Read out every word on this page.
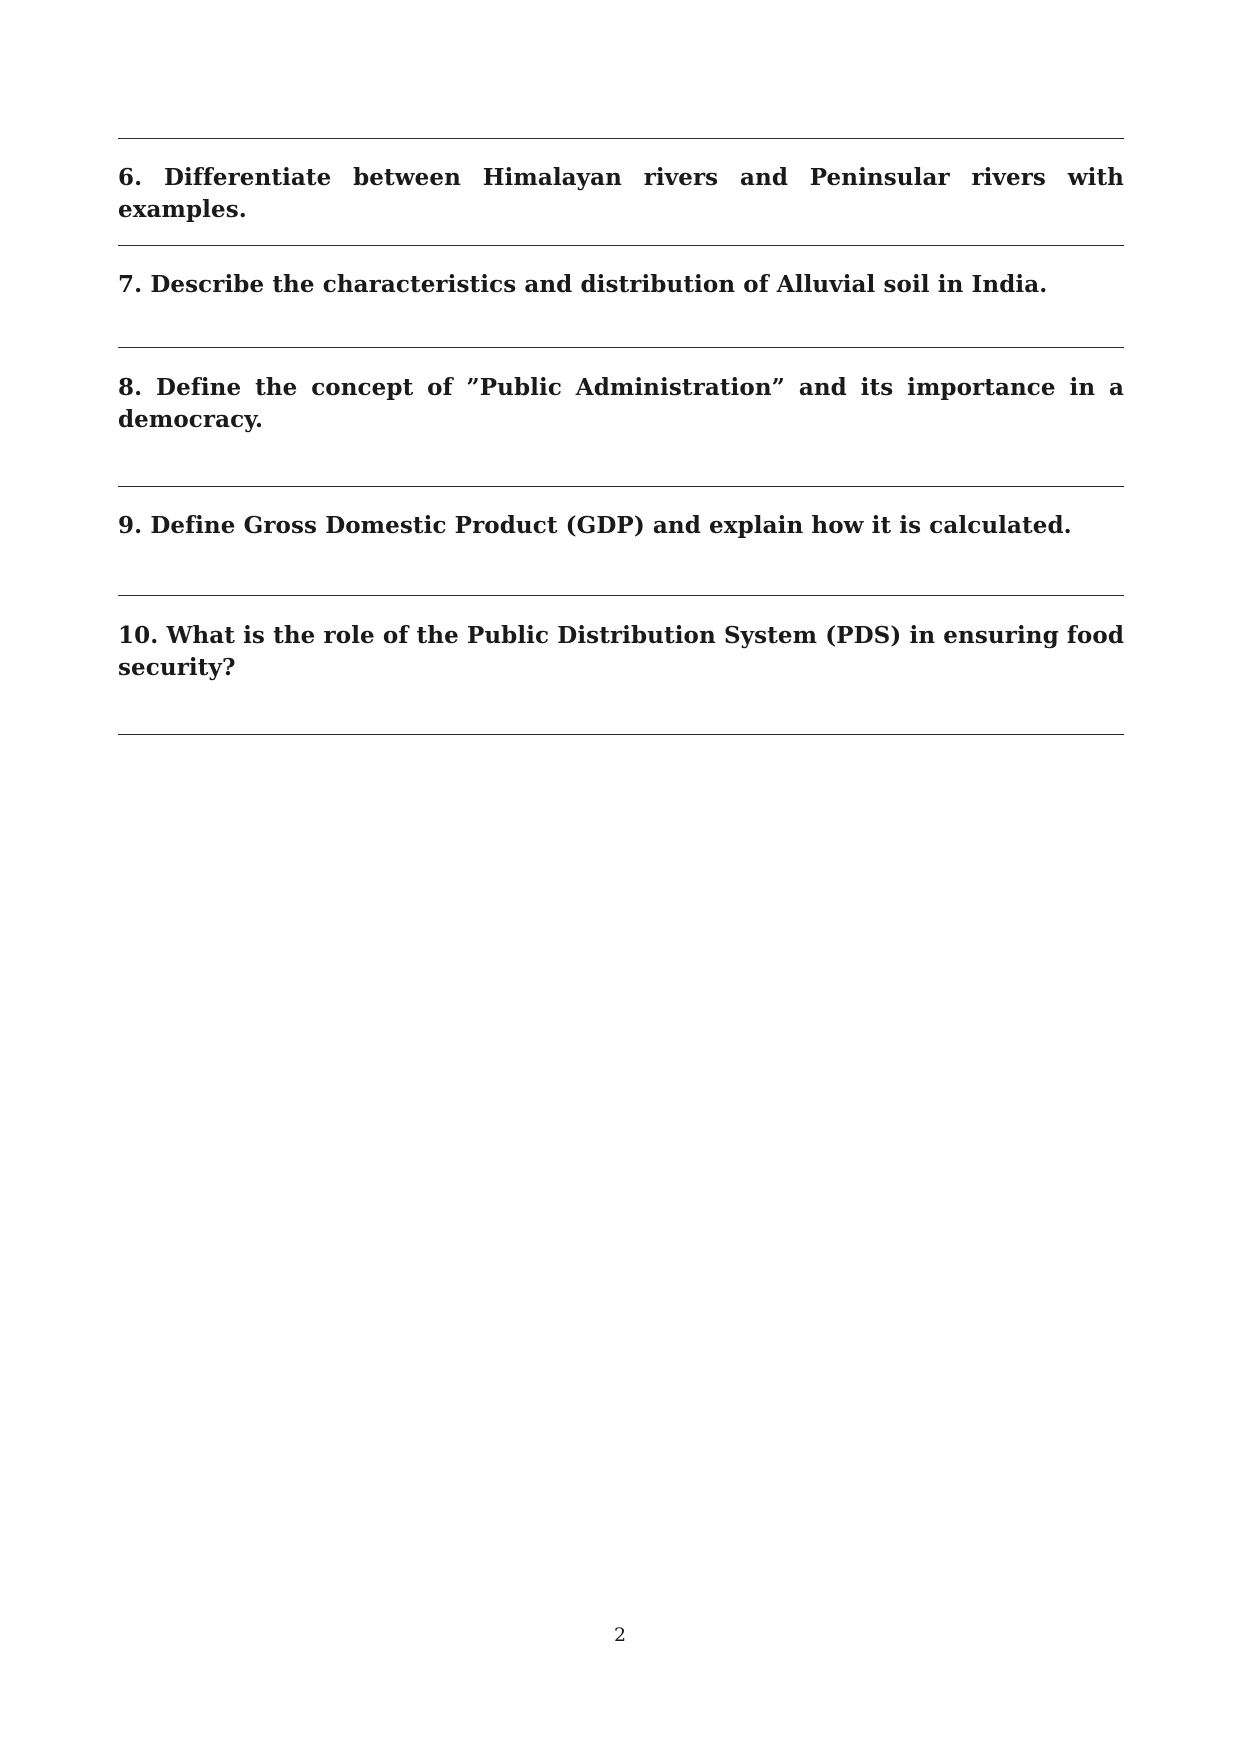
6. Differentiate between Himalayan rivers and Peninsular rivers with examples.
7. Describe the characteristics and distribution of Alluvial soil in India.
8. Define the concept of ”Public Administration” and its importance in a democracy.
9. Define Gross Domestic Product (GDP) and explain how it is calculated.
10. What is the role of the Public Distribution System (PDS) in ensuring food security?
2
